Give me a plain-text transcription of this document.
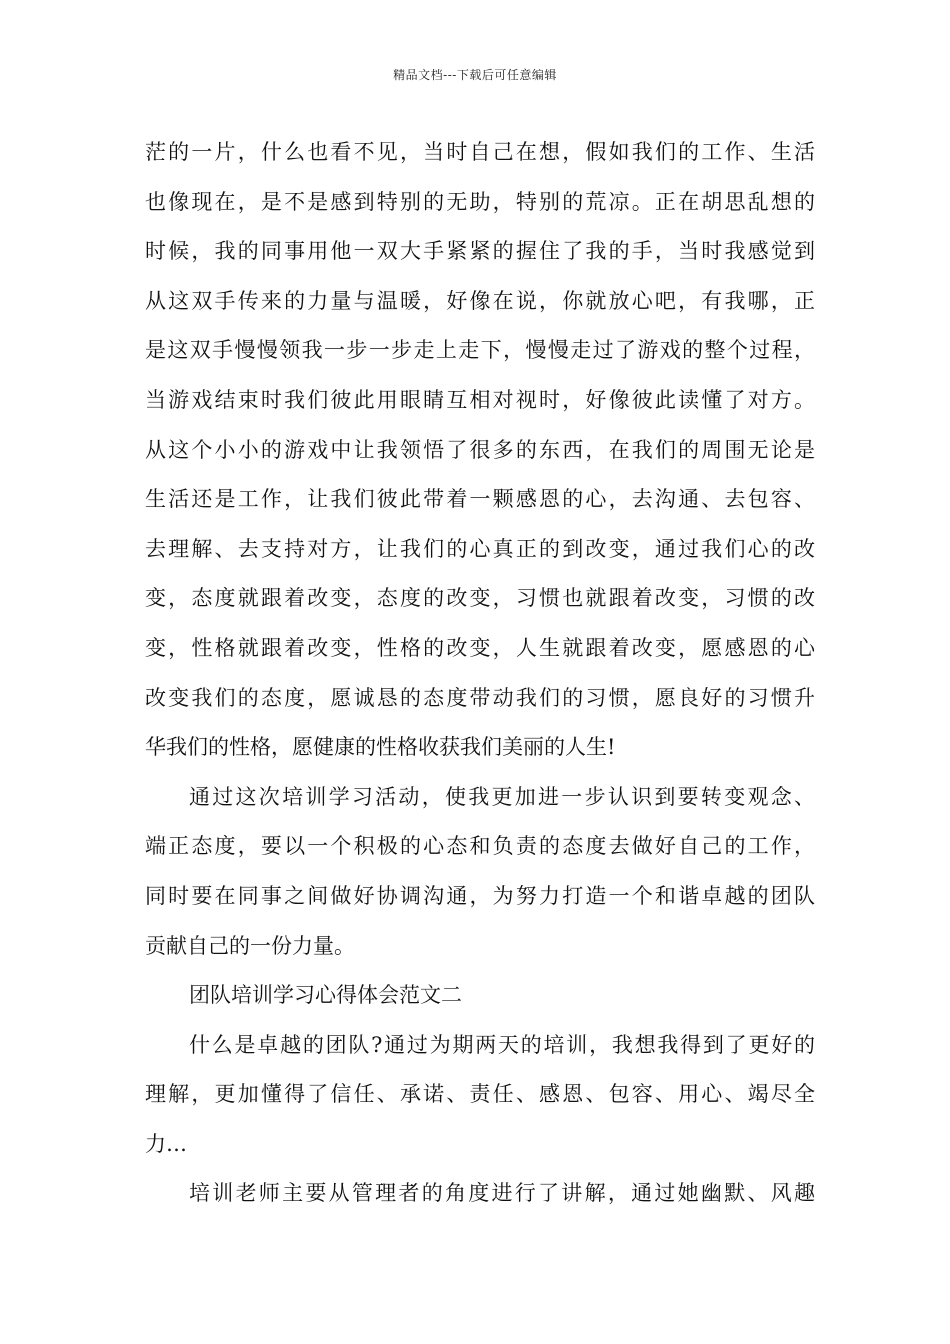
精品文档---下载后可任意编辑
茫的一片，什么也看不见，当时自己在想，假如我们的工作、生活
也像现在，是不是感到特别的无助，特别的荒凉。正在胡思乱想的
时候，我的同事用他一双大手紧紧的握住了我的手，当时我感觉到
从这双手传来的力量与温暖，好像在说，你就放心吧，有我哪，正
是这双手慢慢领我一步一步走上走下，慢慢走过了游戏的整个过程，
当游戏结束时我们彼此用眼睛互相对视时，好像彼此读懂了对方。
从这个小小的游戏中让我领悟了很多的东西，在我们的周围无论是
生活还是工作，让我们彼此带着一颗感恩的心，去沟通、去包容、
去理解、去支持对方，让我们的心真正的到改变，通过我们心的改
变，态度就跟着改变，态度的改变，习惯也就跟着改变，习惯的改
变，性格就跟着改变，性格的改变，人生就跟着改变，愿感恩的心
改变我们的态度，愿诚恳的态度带动我们的习惯，愿良好的习惯升
华我们的性格，愿健康的性格收获我们美丽的人生!
通过这次培训学习活动，使我更加进一步认识到要转变观念、
端正态度，要以一个积极的心态和负责的态度去做好自己的工作，
同时要在同事之间做好协调沟通，为努力打造一个和谐卓越的团队
贡献自己的一份力量。
团队培训学习心得体会范文二
什么是卓越的团队?通过为期两天的培训，我想我得到了更好的
理解，更加懂得了信任、承诺、责任、感恩、包容、用心、竭尽全
力…
培训老师主要从管理者的角度进行了讲解，通过她幽默、风趣
